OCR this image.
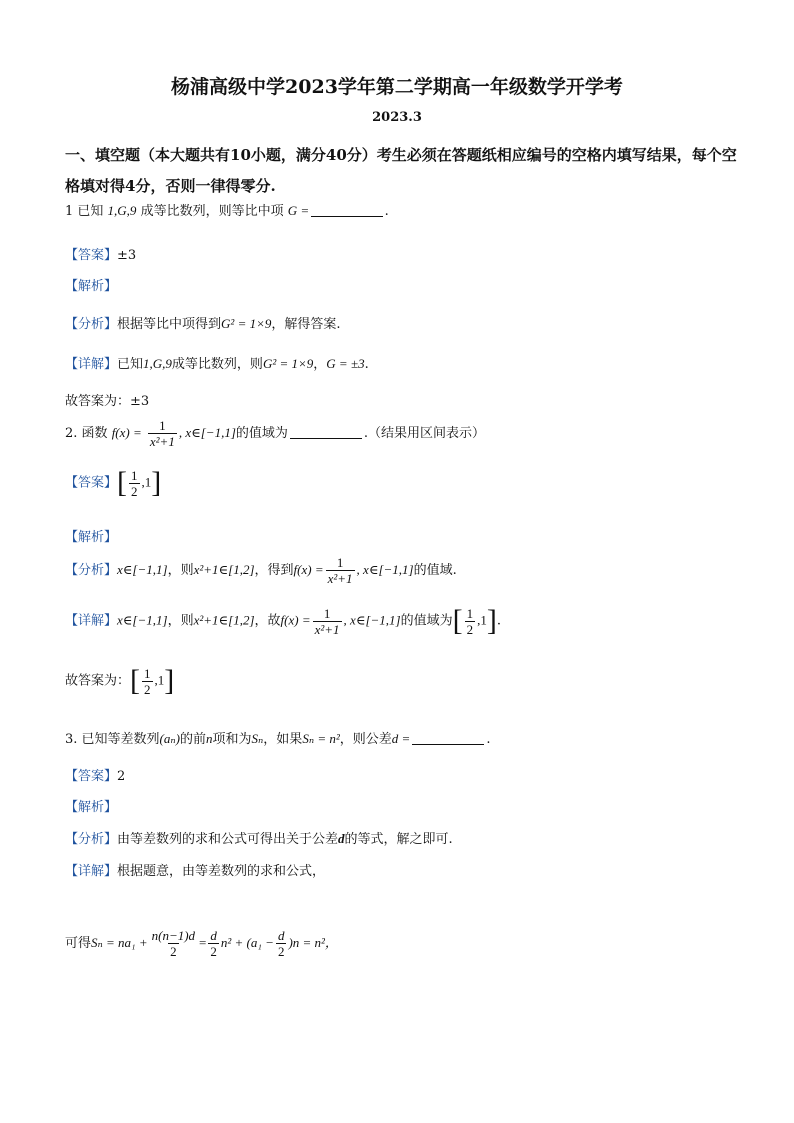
杨浦高级中学2023学年第二学期高一年级数学开学考
2023.3
一、填空题（本大题共有10小题，满分40分）考生必须在答题纸相应编号的空格内填写结果，每个空格填对得4分，否则一律得零分.
1 已知 1,G,9 成等比数列，则等比中项 G =	.
【答案】±3
【解析】
【分析】根据等比中项得到G² = 1×9，解得答案.
【详解】已知1,G,9成等比数列，则G² = 1×9，G = ±3.
故答案为：±3
2. 函数 $f(x) = \frac{1}{\text{x²+1}}$ , x∈[−1,1]的值域为	.（结果用区间表示）
【答案】[ $\frac{1}{2} ,1$]
【解析】
【分析】x∈[−1,1]，则x²+1∈[1,2]，得到$f(x) = \frac{1}{\text{x²+1}}$ , x∈[−1,1]的值域.
【详解】x∈[−1,1]，则x²+1∈[1,2]，故$f(x) = \frac{1}{\text{x²+1}}$ , x∈[−1,1]的值域为[ $\frac{1}{2} ,1$].
故答案为：[ $\frac{1}{2} ,1$]
3. 已知等差数列(aₙ)的前n项和为Sₙ，如果Sₙ = n²，则公差d =	.
【答案】2
【解析】
【分析】由等差数列的求和公式可得出关于公差d的等式，解之即可.
【详解】根据题意，由等差数列的求和公式，
可得$S_n = na_1 + \frac{n(n-1)d}{2} = \frac{d}{2} n^2 + (a_1 - \frac{d}{2} )n = n^2$，
